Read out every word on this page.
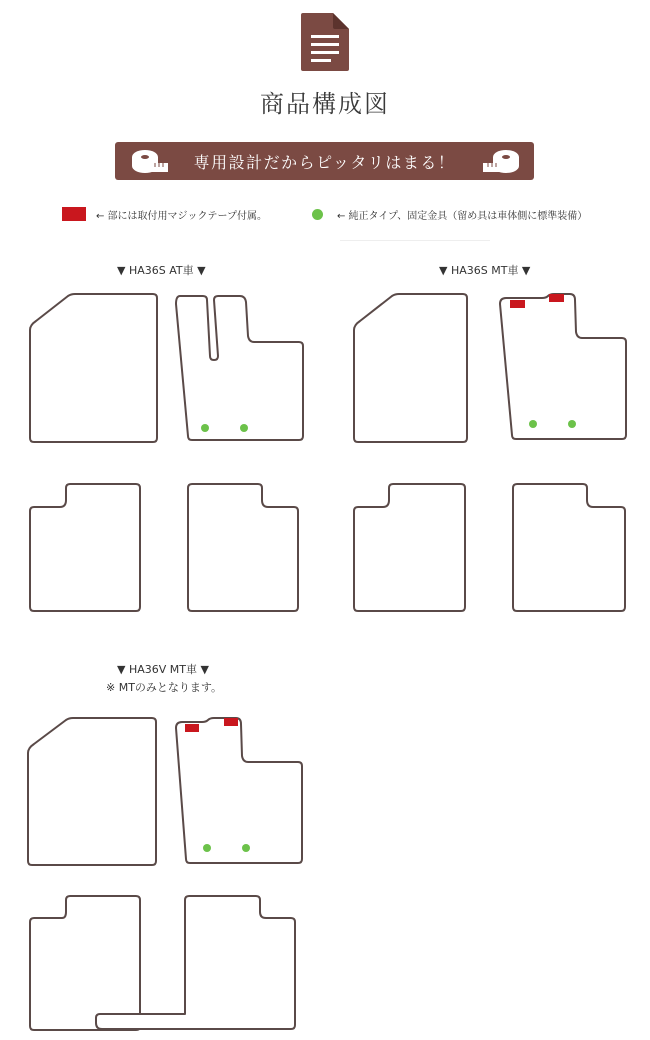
商品構成図
専用設計だからピッタリはまる！
← 部には取付用マジックテープ付属。	← 純正タイプ、固定金具（留め具は車体側に標準装備）
▼ HA36S AT車 ▼	▼ HA36S MT車 ▼
▼ HA36V MT車 ▼
※ MTのみとなります。
